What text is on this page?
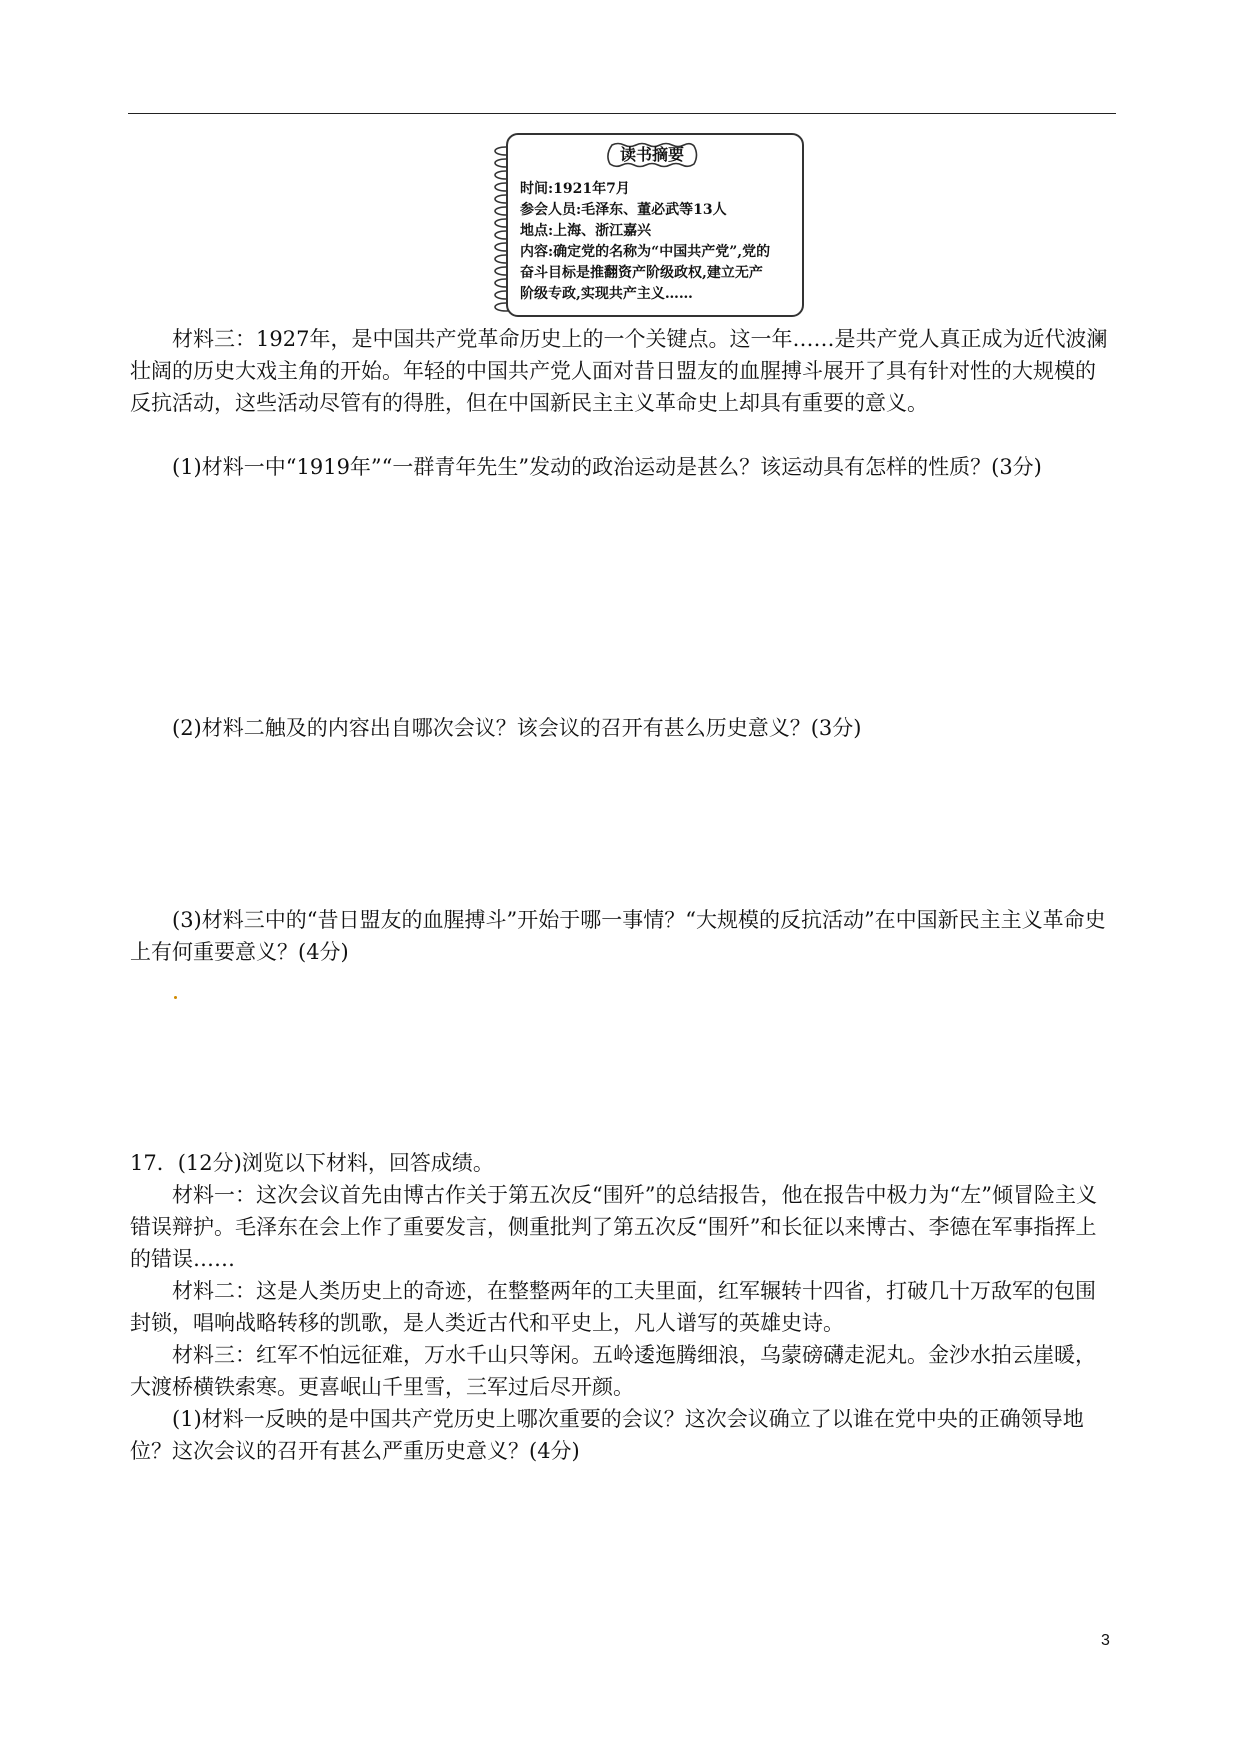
读书摘要
时间:1921年7月
参会人员:毛泽东、董必武等13人
地点:上海、浙江嘉兴
内容:确定党的名称为“中国共产党”,党的
奋斗目标是推翻资产阶级政权,建立无产
阶级专政,实现共产主义……

材料三：1927年，是中国共产党革命历史上的一个关键点。这一年……是共产党人真正成为近代波澜壮阔的历史大戏主角的开始。年轻的中国共产党人面对昔日盟友的血腥搏斗展开了具有针对性的大规模的反抗活动，这些活动尽管有的得胜，但在中国新民主主义革命史上却具有重要的意义。

(1)材料一中“1919年”“一群青年先生”发动的政治运动是甚么？该运动具有怎样的性质？(3分)

(2)材料二触及的内容出自哪次会议？该会议的召开有甚么历史意义？(3分)

(3)材料三中的“昔日盟友的血腥搏斗”开始于哪一事情？“大规模的反抗活动”在中国新民主主义革命史上有何重要意义？(4分)

17．(12分)浏览以下材料，回答成绩。

材料一：这次会议首先由博古作关于第五次反“围歼”的总结报告，他在报告中极力为“左”倾冒险主义错误辩护。毛泽东在会上作了重要发言，侧重批判了第五次反“围歼”和长征以来博古、李德在军事指挥上的错误……

材料二：这是人类历史上的奇迹，在整整两年的工夫里面，红军辗转十四省，打破几十万敌军的包围封锁，唱响战略转移的凯歌，是人类近古代和平史上，凡人谱写的英雄史诗。

材料三：红军不怕远征难，万水千山只等闲。五岭逶迤腾细浪，乌蒙磅礴走泥丸。金沙水拍云崖暖，大渡桥横铁索寒。更喜岷山千里雪，三军过后尽开颜。

(1)材料一反映的是中国共产党历史上哪次重要的会议？这次会议确立了以谁在党中央的正确领导地位？这次会议的召开有甚么严重历史意义？(4分)

3
